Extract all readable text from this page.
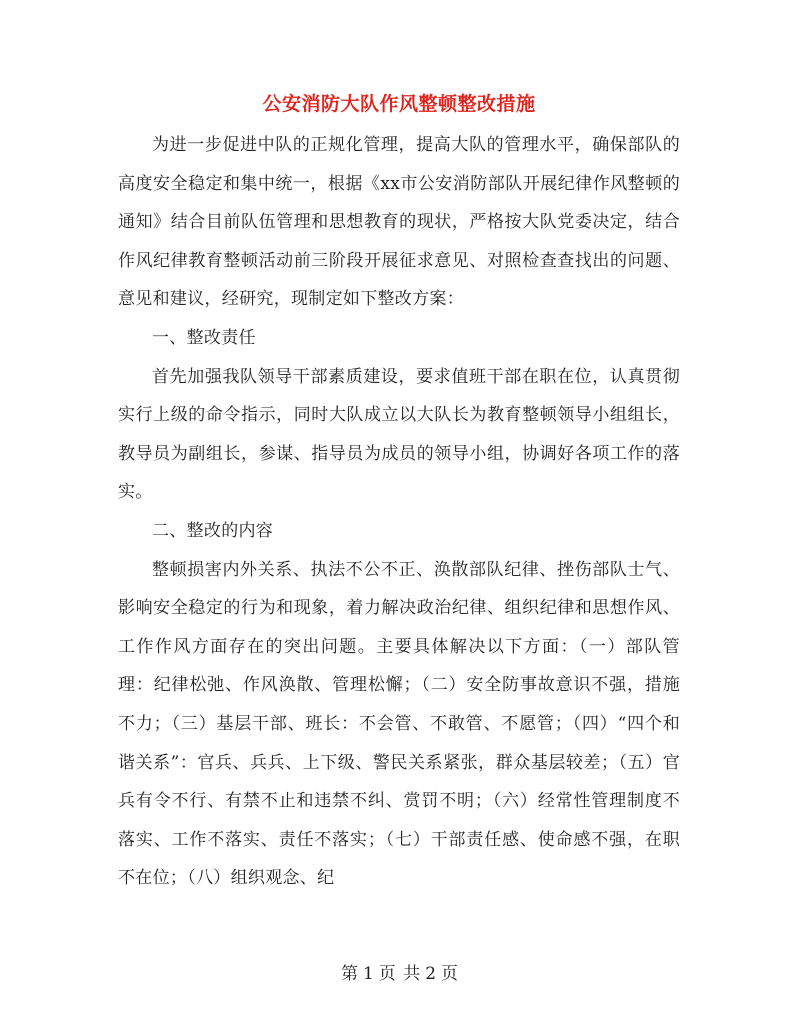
公安消防大队作风整顿整改措施

为进一步促进中队的正规化管理，提高大队的管理水平，确保部队的高度安全稳定和集中统一，根据《xx市公安消防部队开展纪律作风整顿的通知》结合目前队伍管理和思想教育的现状，严格按大队党委决定，结合作风纪律教育整顿活动前三阶段开展征求意见、对照检查查找出的问题、意见和建议，经研究，现制定如下整改方案：

一、整改责任

首先加强我队领导干部素质建设，要求值班干部在职在位，认真贯彻实行上级的命令指示，同时大队成立以大队长为教育整顿领导小组组长，教导员为副组长，参谋、指导员为成员的领导小组，协调好各项工作的落实。

二、整改的内容

整顿损害内外关系、执法不公不正、涣散部队纪律、挫伤部队士气、影响安全稳定的行为和现象，着力解决政治纪律、组织纪律和思想作风、工作作风方面存在的突出问题。主要具体解决以下方面：（一）部队管理：纪律松弛、作风涣散、管理松懈；（二）安全防事故意识不强，措施不力；（三）基层干部、班长：不会管、不敢管、不愿管；（四）“四个和谐关系”：官兵、兵兵、上下级、警民关系紧张，群众基层较差；（五）官兵有令不行、有禁不止和违禁不纠、赏罚不明；（六）经常性管理制度不落实、工作不落实、责任不落实；（七）干部责任感、使命感不强，在职不在位；（八）组织观念、纪

第 1 页 共 2 页
